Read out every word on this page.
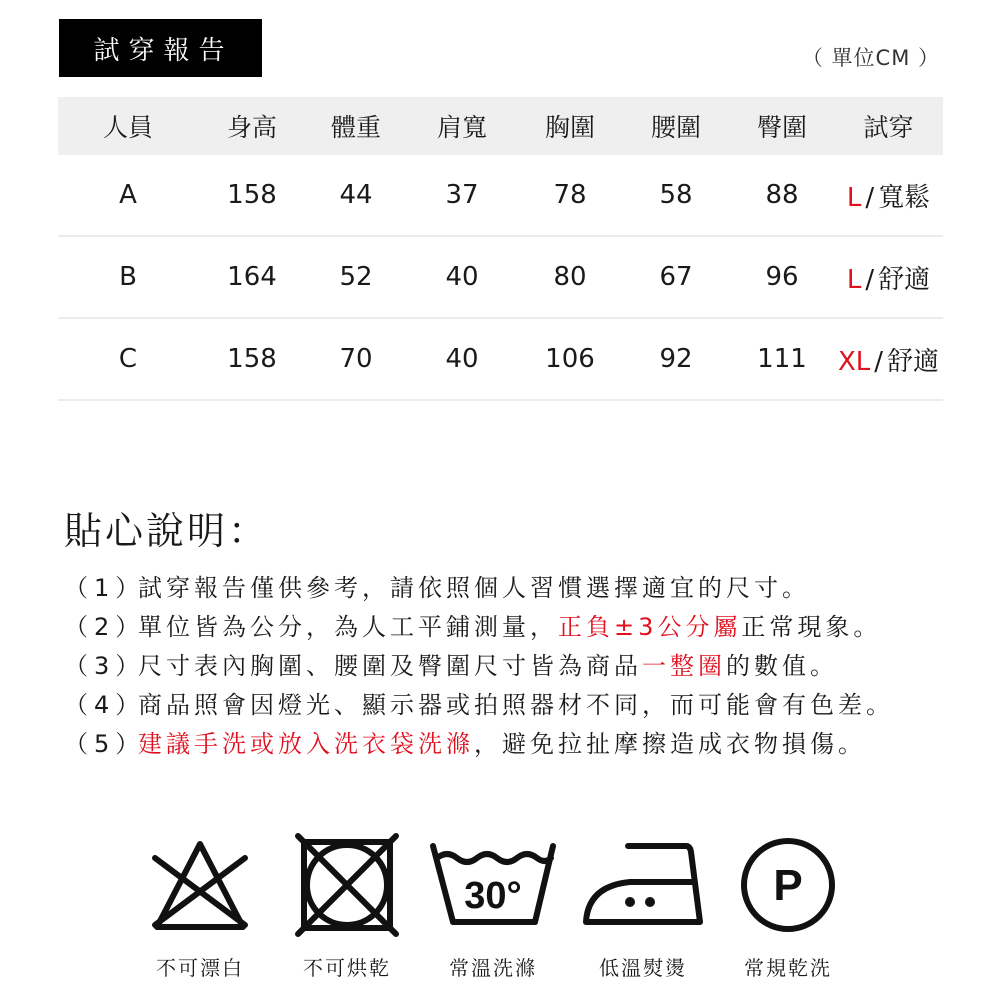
試穿報告	（ 單位CM ）
人員	身高	體重	肩寬	胸圍	腰圍	臀圍	試穿
A	158	44	37	78	58	88	L / 寬鬆
B	164	52	40	80	67	96	L / 舒適
C	158	70	40	106	92	111	XL / 舒適
貼心說明：
（1）
試穿報告僅供參考，請依照個人習慣選擇適宜的尺寸。
（2）
單位皆為公分，為人工平鋪測量， 正負±3公分屬 正常現象。
（3）
尺寸表內胸圍、腰圍及臀圍尺寸皆為商品 一整圈 的數值。
（4）
商品照會因燈光、顯示器或拍照器材不同，而可能會有色差。
（5）
建議手洗或放入洗衣袋洗滌 ，避免拉扯摩擦造成衣物損傷。
不可漂白	不可烘乾
30°
常溫洗滌	低溫熨燙
P
常規乾洗
